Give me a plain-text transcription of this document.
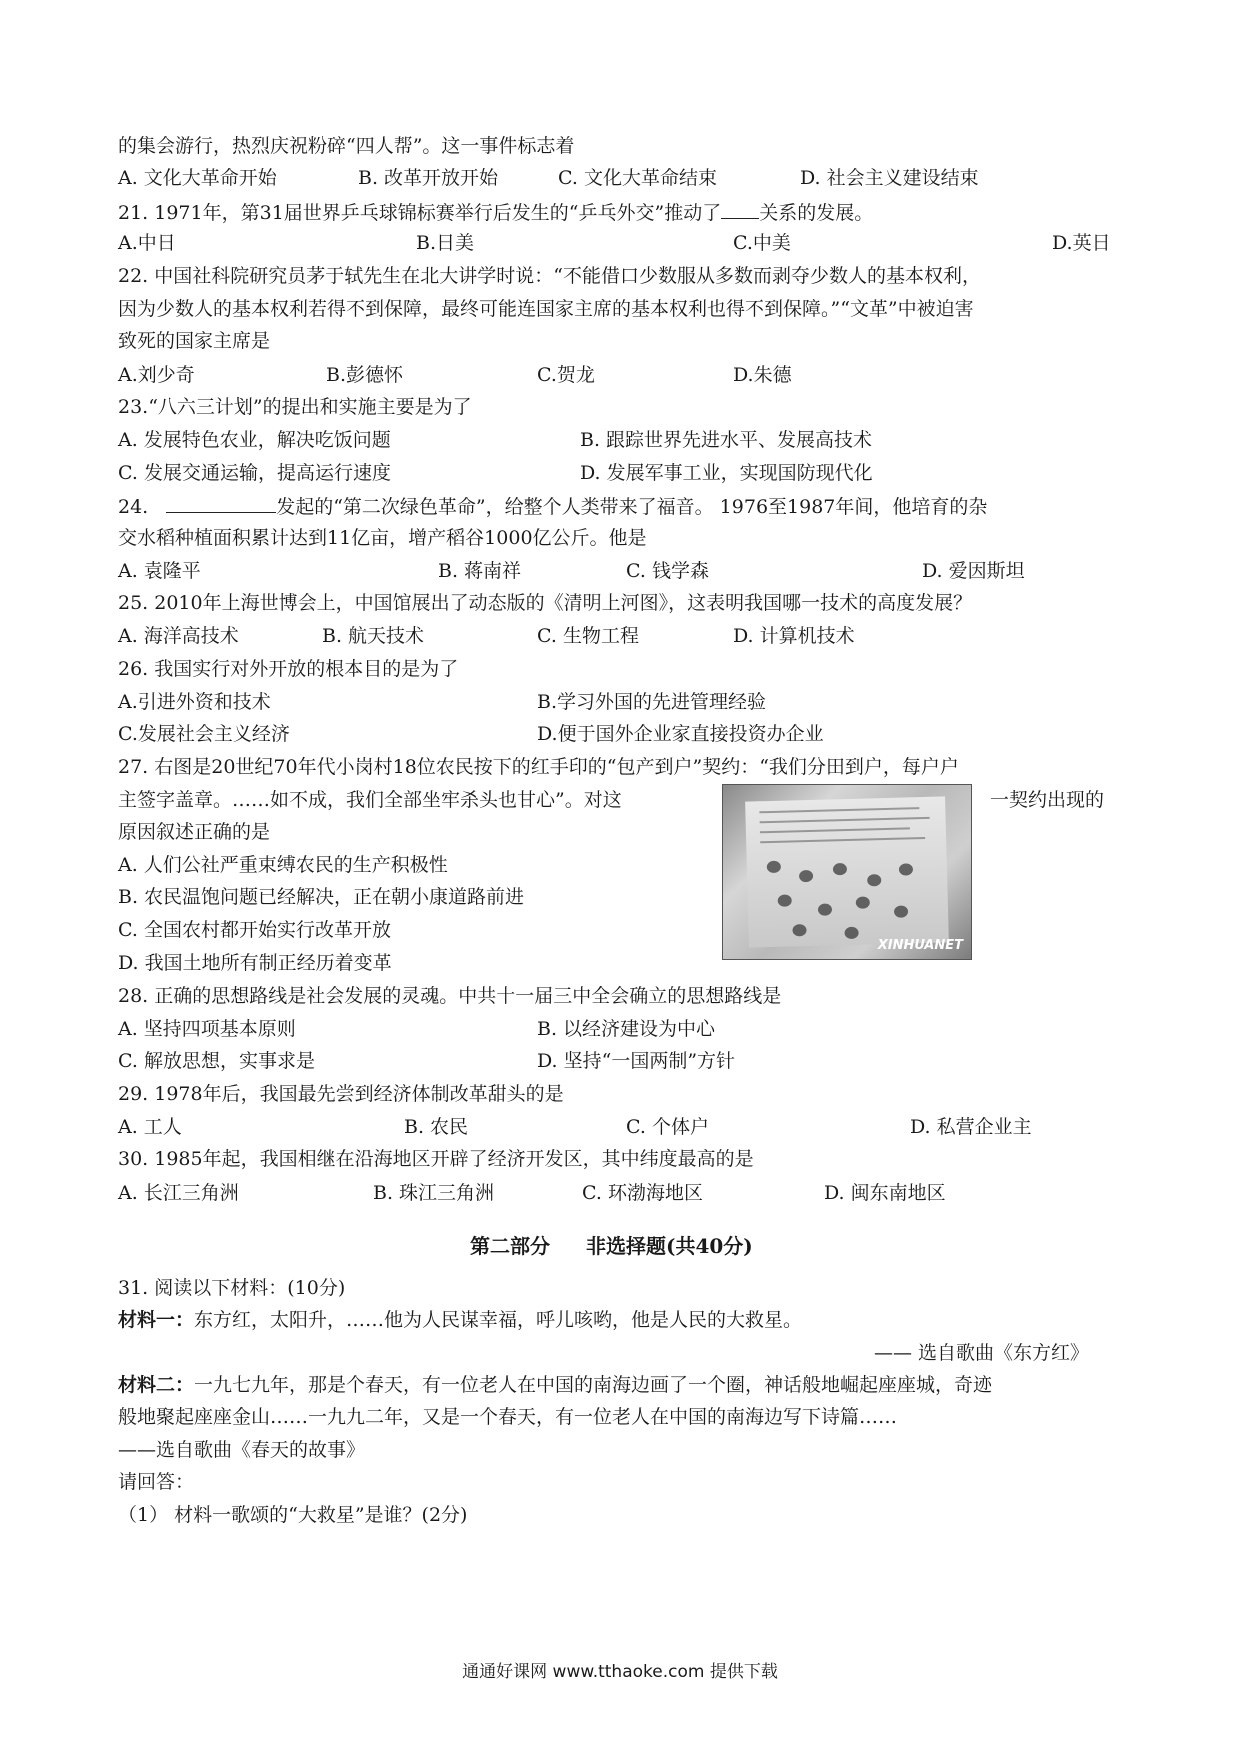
的集会游行，热烈庆祝粉碎“四人帮”。这一事件标志着
A. 文化大革命开始	B. 改革开放开始	C. 文化大革命结束	D. 社会主义建设结束
21. 1971年，第31届世界乒乓球锦标赛举行后发生的“乒乓外交”推动了 关系的发展。
A.中日	B.日美	C.中美	D.英日
22. 中国社科院研究员茅于轼先生在北大讲学时说：“不能借口少数服从多数而剥夺少数人的基本权利，
因为少数人的基本权利若得不到保障，最终可能连国家主席的基本权利也得不到保障。”“文革”中被迫害
致死的国家主席是
A.刘少奇	B.彭德怀	C.贺龙	D.朱德
23.“八六三计划”的提出和实施主要是为了
A. 发展特色农业，解决吃饭问题	B. 跟踪世界先进水平、发展高技术
C. 发展交通运输，提高运行速度	D. 发展军事工业，实现国防现代化
24.	发起的“第二次绿色革命”，给整个人类带来了福音。 1976至1987年间，他培育的杂
交水稻种植面积累计达到11亿亩，增产稻谷1000亿公斤。他是
A. 袁隆平	B. 蒋南祥	C. 钱学森	D. 爱因斯坦
25. 2010年上海世博会上，中国馆展出了动态版的《清明上河图》，这表明我国哪一技术的高度发展？
A. 海洋高技术	B. 航天技术	C. 生物工程	D. 计算机技术
26. 我国实行对外开放的根本目的是为了
A.引进外资和技术	B.学习外国的先进管理经验
C.发展社会主义经济	D.便于国外企业家直接投资办企业
27. 右图是20世纪70年代小岗村18位农民按下的红手印的“包产到户”契约：“我们分田到户，每户户
主签字盖章。……如不成，我们全部坐牢杀头也甘心”。对这	一契约出现的
原因叙述正确的是
A. 人们公社严重束缚农民的生产积极性
B. 农民温饱问题已经解决，正在朝小康道路前进
C. 全国农村都开始实行改革开放
D. 我国土地所有制正经历着变革
XINHUANET
28. 正确的思想路线是社会发展的灵魂。中共十一届三中全会确立的思想路线是
A. 坚持四项基本原则	B. 以经济建设为中心
C. 解放思想，实事求是	D. 坚持“一国两制”方针
29. 1978年后，我国最先尝到经济体制改革甜头的是
A. 工人	B. 农民	C. 个体户	D. 私营企业主
30. 1985年起，我国相继在沿海地区开辟了经济开发区，其中纬度最高的是
A. 长江三角洲	B. 珠江三角洲	C. 环渤海地区	D. 闽东南地区
第二部分 非选择题(共40分)
31. 阅读以下材料：(10分)
材料一：东方红，太阳升，……他为人民谋幸福，呼儿咳哟，他是人民的大救星。
—— 选自歌曲《东方红》
材料二：一九七九年，那是个春天，有一位老人在中国的南海边画了一个圈，神话般地崛起座座城，奇迹
般地聚起座座金山……一九九二年，又是一个春天，有一位老人在中国的南海边写下诗篇……
——选自歌曲《春天的故事》
请回答：
（1） 材料一歌颂的“大救星”是谁？(2分)
通通好课网 www.tthaoke.com 提供下载
